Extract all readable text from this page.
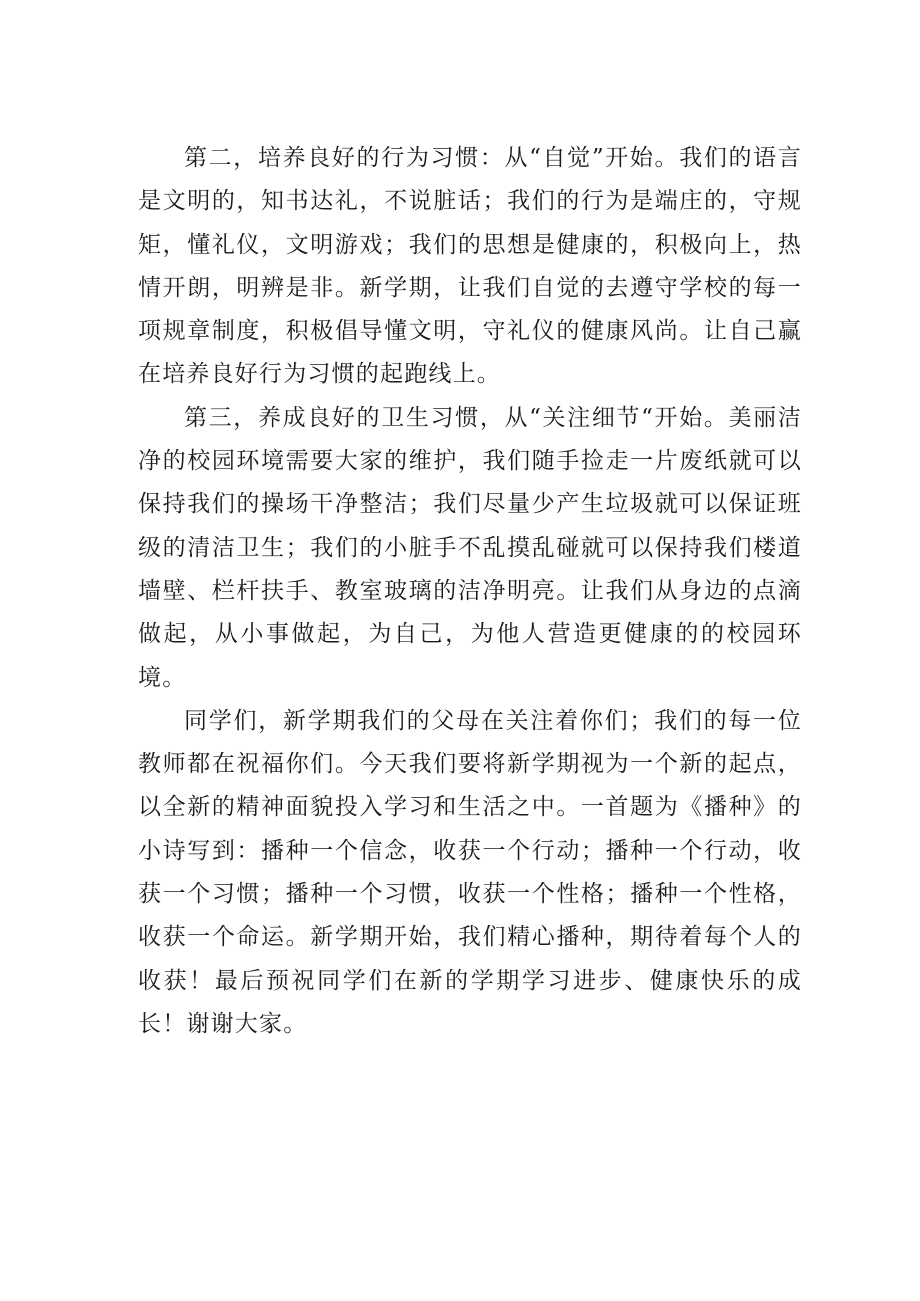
第二，培养良好的行为习惯：从“自觉”开始。我们的语言是文明的，知书达礼，不说脏话；我们的行为是端庄的，守规矩，懂礼仪，文明游戏；我们的思想是健康的，积极向上，热情开朗，明辨是非。新学期，让我们自觉的去遵守学校的每一项规章制度，积极倡导懂文明，守礼仪的健康风尚。让自己赢在培养良好行为习惯的起跑线上。

第三，养成良好的卫生习惯，从“关注细节“开始。美丽洁净的校园环境需要大家的维护，我们随手捡走一片废纸就可以保持我们的操场干净整洁；我们尽量少产生垃圾就可以保证班级的清洁卫生；我们的小脏手不乱摸乱碰就可以保持我们楼道墙壁、栏杆扶手、教室玻璃的洁净明亮。让我们从身边的点滴做起，从小事做起，为自己，为他人营造更健康的的校园环境。

同学们，新学期我们的父母在关注着你们；我们的每一位教师都在祝福你们。今天我们要将新学期视为一个新的起点，以全新的精神面貌投入学习和生活之中。一首题为《播种》的小诗写到：播种一个信念，收获一个行动；播种一个行动，收获一个习惯；播种一个习惯，收获一个性格；播种一个性格，收获一个命运。新学期开始，我们精心播种，期待着每个人的收获！最后预祝同学们在新的学期学习进步、健康快乐的成长！谢谢大家。
